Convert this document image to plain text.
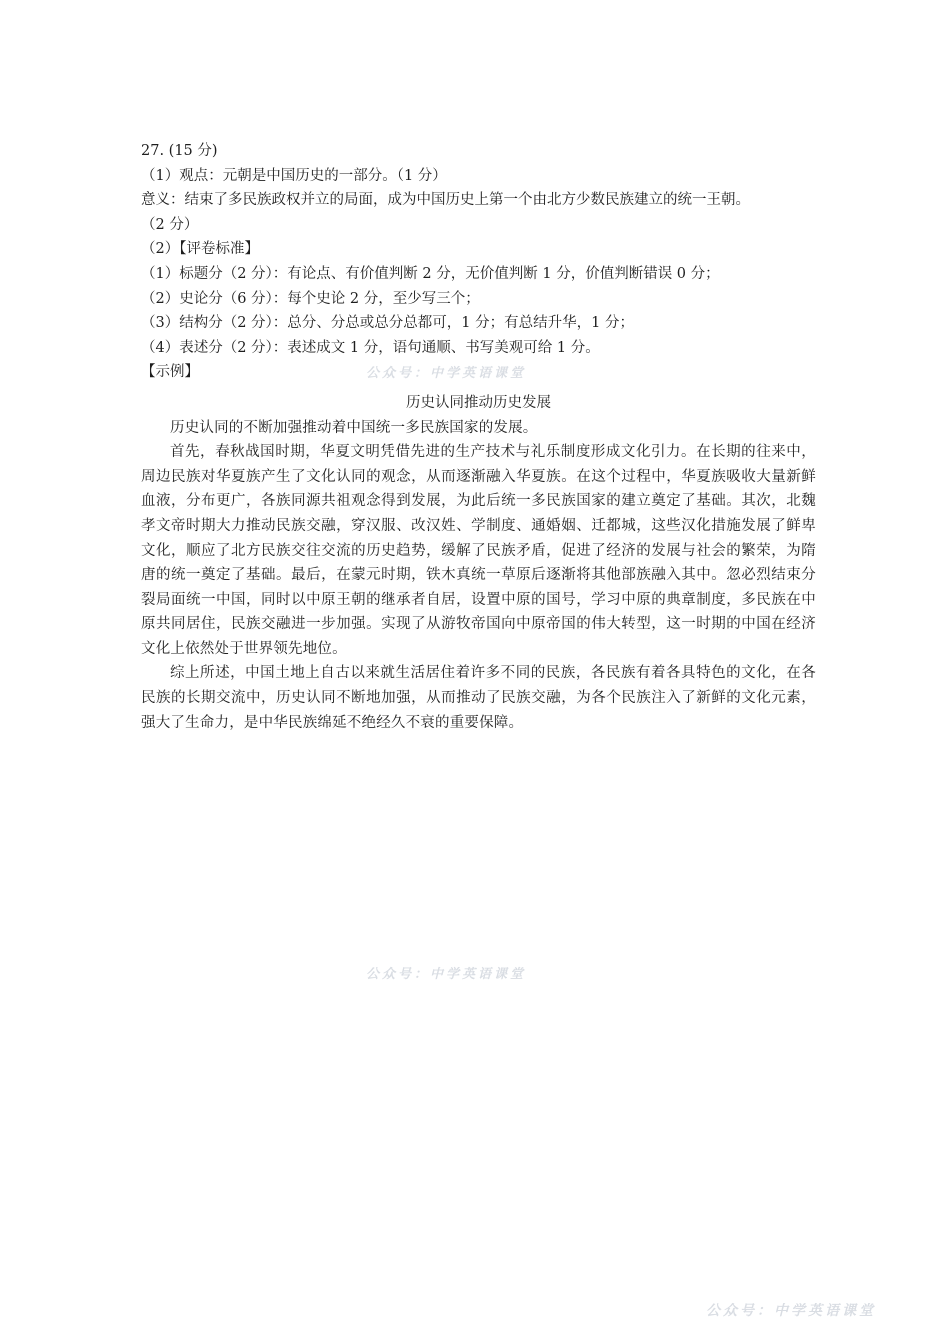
27. (15 分)
（1）观点：元朝是中国历史的一部分。（1 分）
意义：结束了多民族政权并立的局面，成为中国历史上第一个由北方少数民族建立的统一王朝。
（2 分）
（2）【评卷标准】
（1）标题分（2 分）：有论点、有价值判断 2 分，无价值判断 1 分，价值判断错误 0 分；
（2）史论分（6 分）：每个史论 2 分，至少写三个；
（3）结构分（2 分）：总分、分总或总分总都可，1 分；有总结升华，1 分；
（4）表述分（2 分）：表述成文 1 分，语句通顺、书写美观可给 1 分。
【示例】
历史认同推动历史发展
历史认同的不断加强推动着中国统一多民族国家的发展。
首先，春秋战国时期，华夏文明凭借先进的生产技术与礼乐制度形成文化引力。在长期的往来中，周边民族对华夏族产生了文化认同的观念，从而逐渐融入华夏族。在这个过程中，华夏族吸收大量新鲜血液，分布更广，各族同源共祖观念得到发展，为此后统一多民族国家的建立奠定了基础。其次，北魏孝文帝时期大力推动民族交融，穿汉服、改汉姓、学制度、通婚姻、迁都城，这些汉化措施发展了鲜卑文化，顺应了北方民族交往交流的历史趋势，缓解了民族矛盾，促进了经济的发展与社会的繁荣，为隋唐的统一奠定了基础。最后，在蒙元时期，铁木真统一草原后逐渐将其他部族融入其中。忽必烈结束分裂局面统一中国，同时以中原王朝的继承者自居，设置中原的国号，学习中原的典章制度，多民族在中原共同居住，民族交融进一步加强。实现了从游牧帝国向中原帝国的伟大转型，这一时期的中国在经济文化上依然处于世界领先地位。
综上所述，中国土地上自古以来就生活居住着许多不同的民族，各民族有着各具特色的文化，在各民族的长期交流中，历史认同不断地加强，从而推动了民族交融，为各个民族注入了新鲜的文化元素，强大了生命力，是中华民族绵延不绝经久不衰的重要保障。
公众号：中学英语课堂
公众号：中学英语课堂
公众号：中学英语课堂
